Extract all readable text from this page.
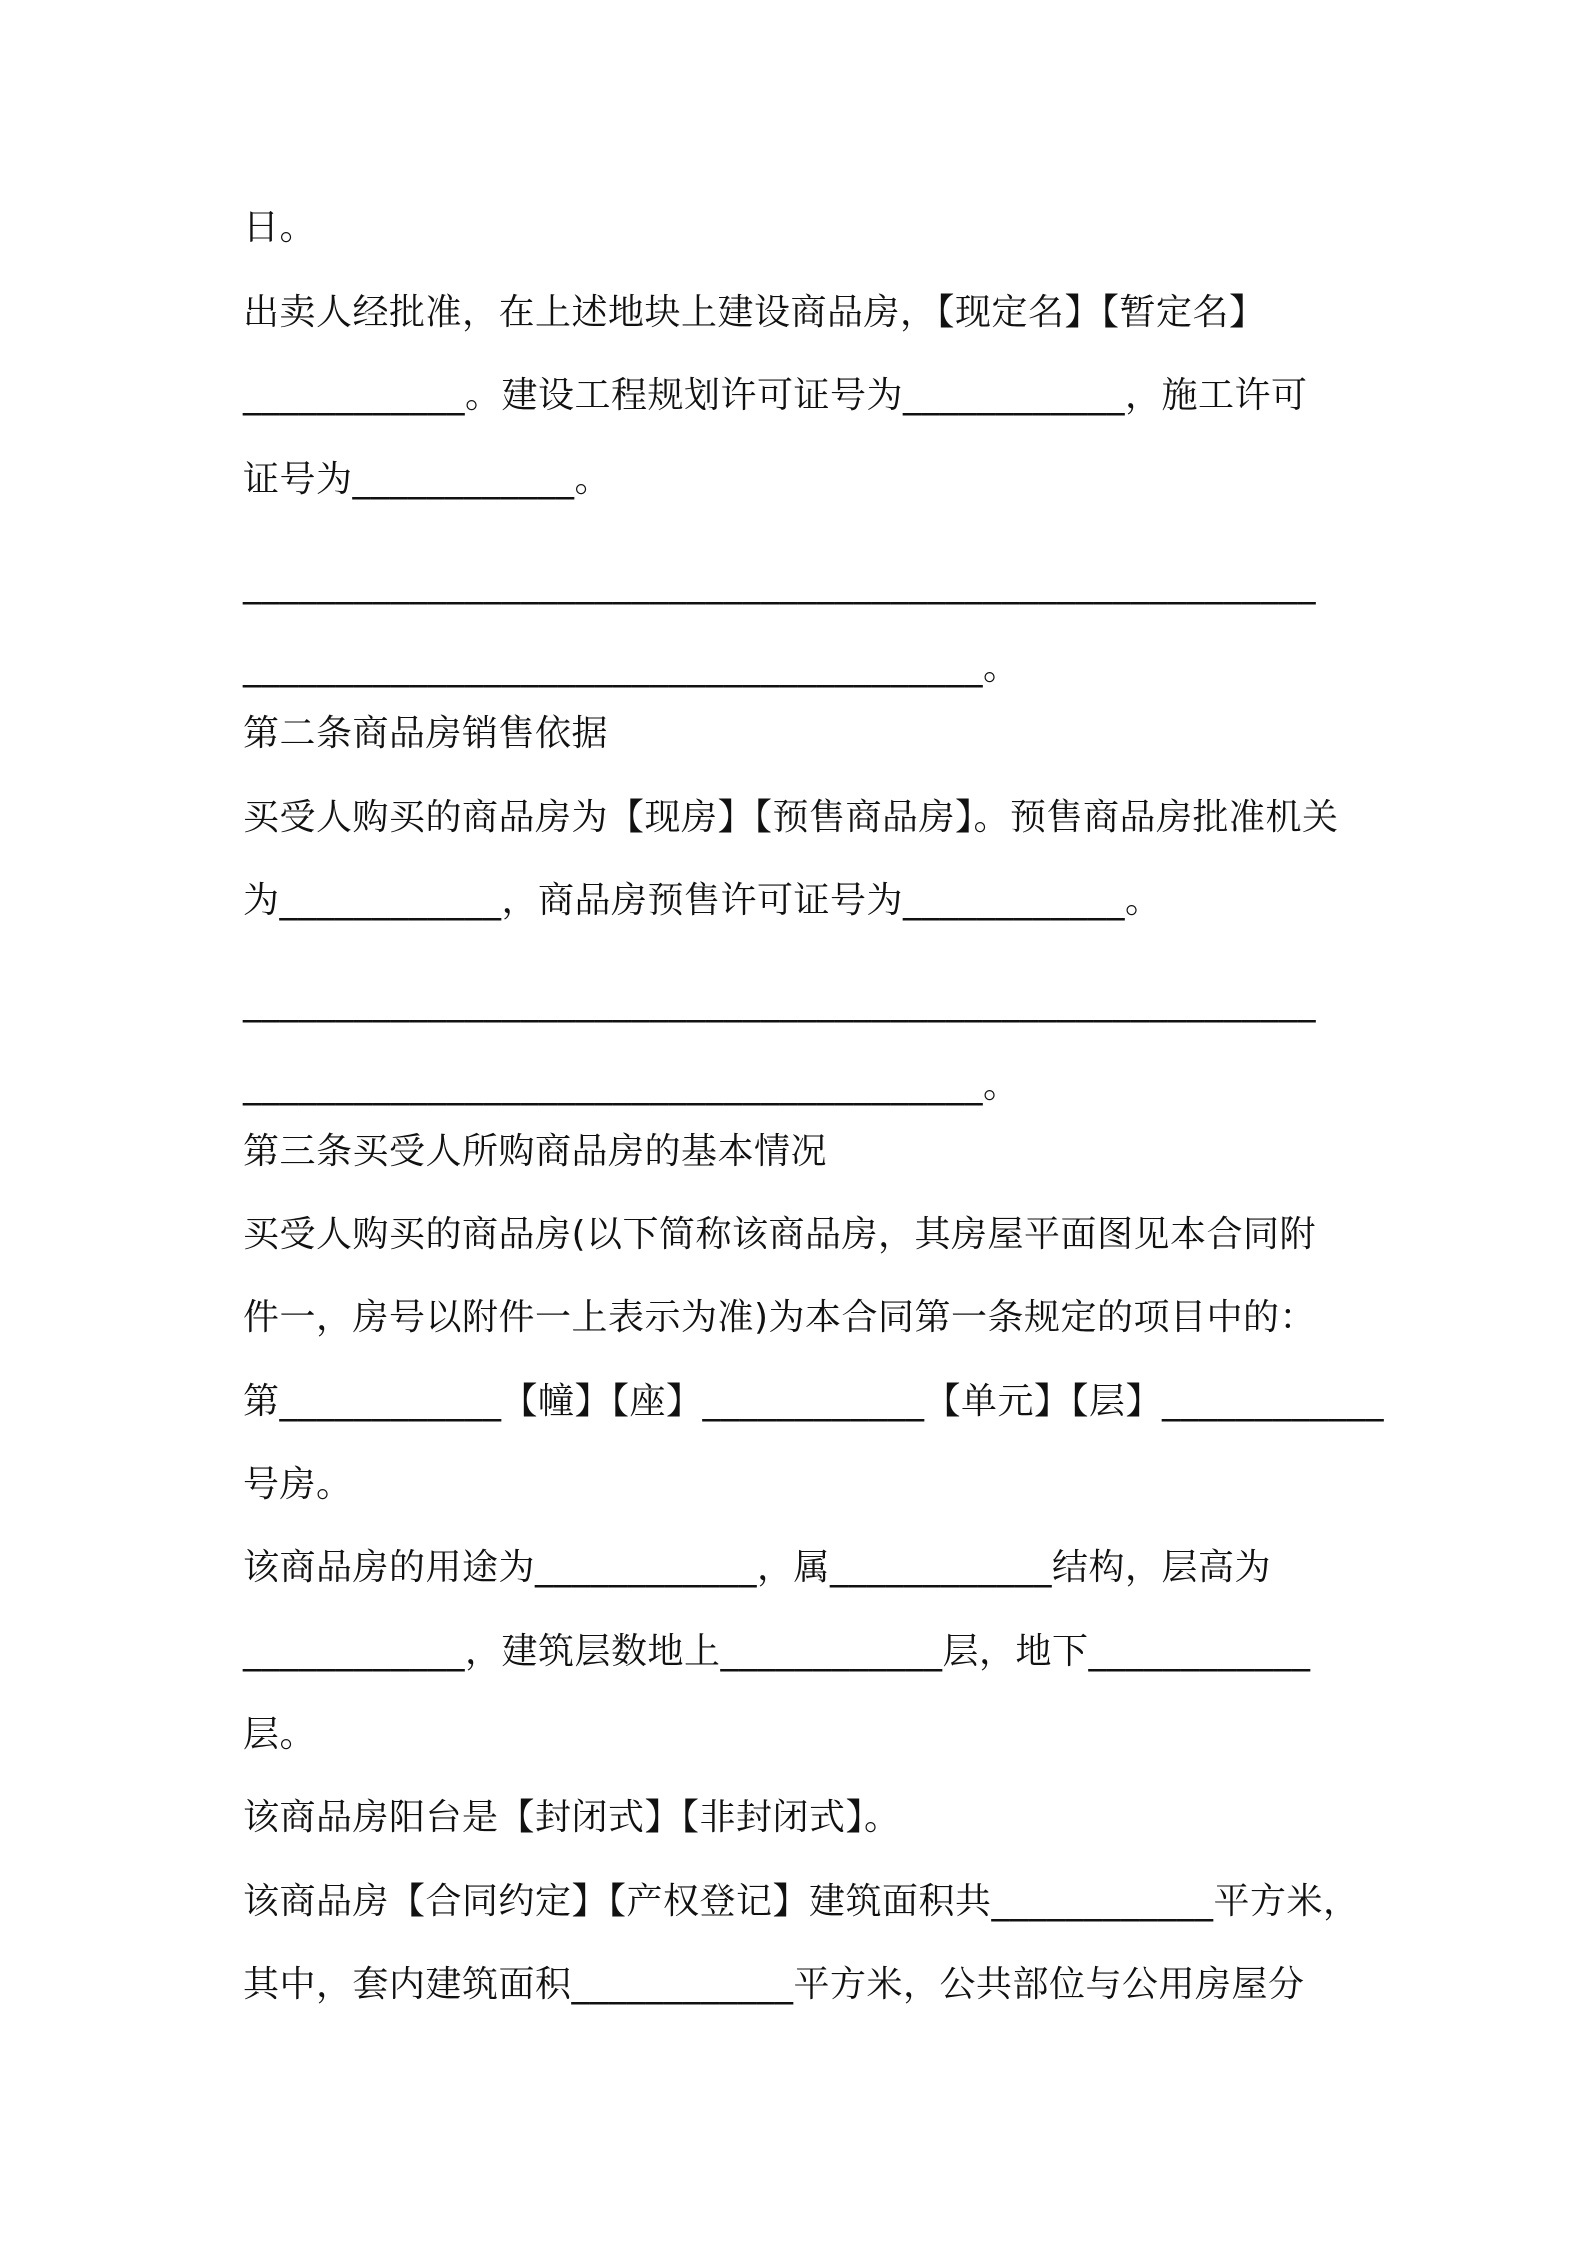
日。
出卖人经批准，在上述地块上建设商品房，【现定名】【暂定名】
____________。建设工程规划许可证号为____________，施工许可
证号为____________。
__________________________________________________________
________________________________________。
第二条商品房销售依据
买受人购买的商品房为【现房】【预售商品房】。预售商品房批准机关
为____________，商品房预售许可证号为____________。
__________________________________________________________
________________________________________。
第三条买受人所购商品房的基本情况
买受人购买的商品房(以下简称该商品房，其房屋平面图见本合同附
件一，房号以附件一上表示为准)为本合同第一条规定的项目中的：
第____________【幢】【座】____________【单元】【层】____________
号房。
该商品房的用途为____________，属____________结构，层高为
____________，建筑层数地上____________层，地下____________
层。
该商品房阳台是【封闭式】【非封闭式】。
该商品房【合同约定】【产权登记】建筑面积共____________平方米，
其中，套内建筑面积____________平方米，公共部位与公用房屋分
